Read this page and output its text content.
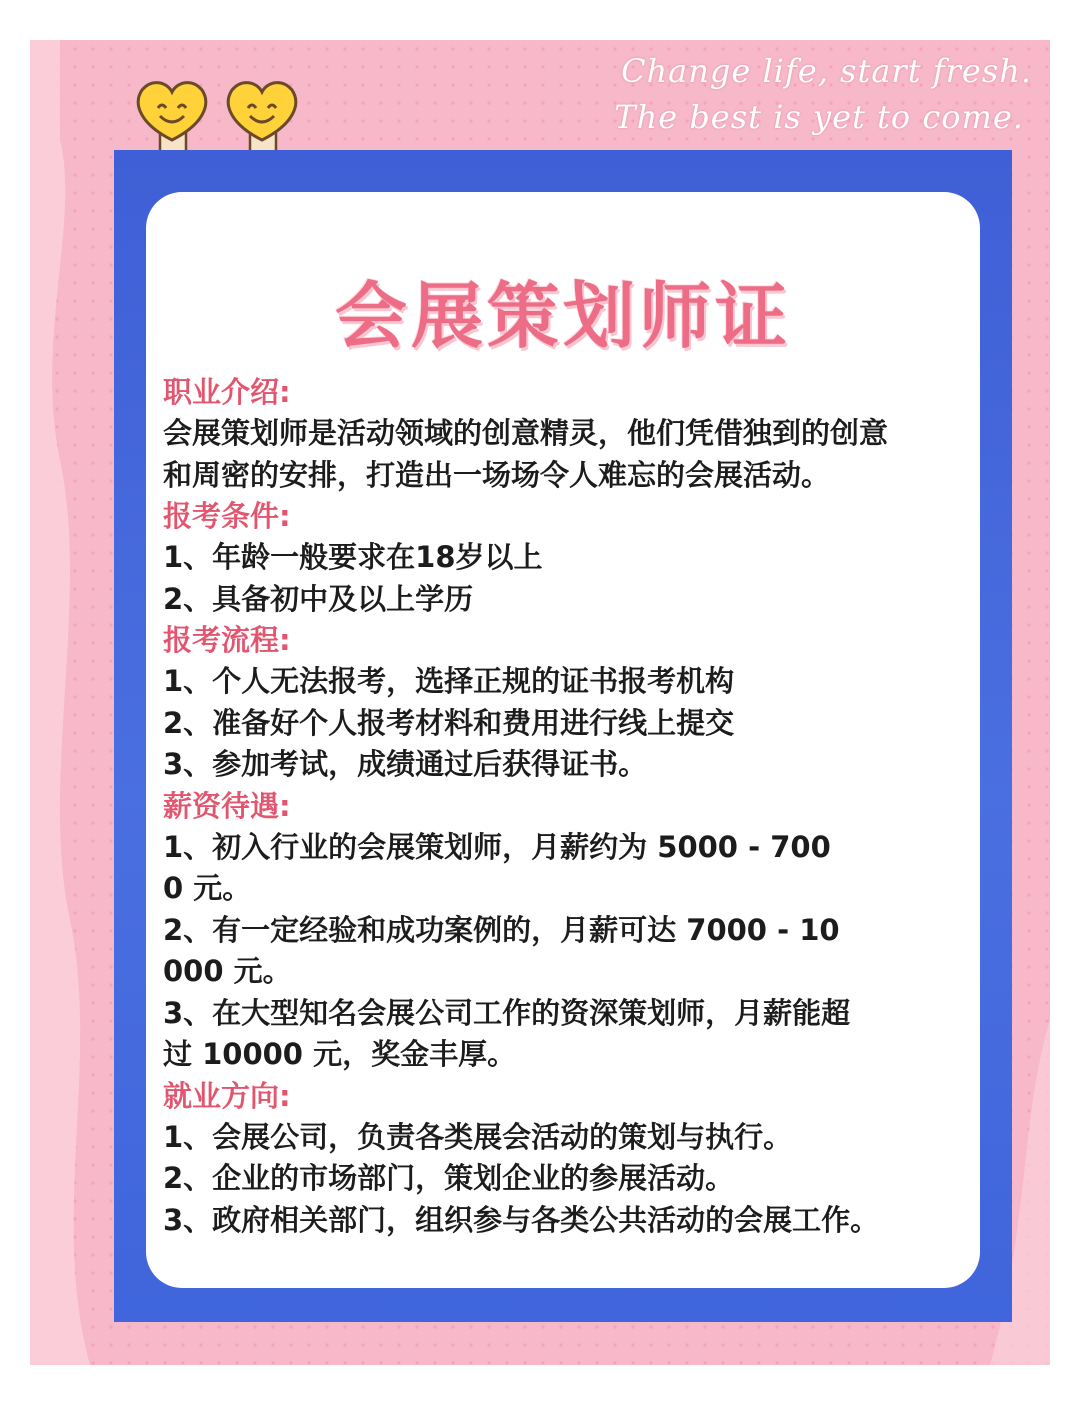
Change life, start fresh.
The best is yet to come.
会展策划师证
职业介绍:
会展策划师是活动领域的创意精灵，他们凭借独到的创意
和周密的安排，打造出一场场令人难忘的会展活动。
报考条件:
1、年龄一般要求在18岁以上
2、具备初中及以上学历
报考流程:
1、个人无法报考，选择正规的证书报考机构
2、准备好个人报考材料和费用进行线上提交
3、参加考试，成绩通过后获得证书。
薪资待遇:
1、初入行业的会展策划师，月薪约为 5000 - 700
0 元。
2、有一定经验和成功案例的，月薪可达 7000 - 10
000 元。
3、在大型知名会展公司工作的资深策划师，月薪能超
过 10000 元，奖金丰厚。
就业方向:
1、会展公司，负责各类展会活动的策划与执行。
2、企业的市场部门，策划企业的参展活动。
3、政府相关部门，组织参与各类公共活动的会展工作。
